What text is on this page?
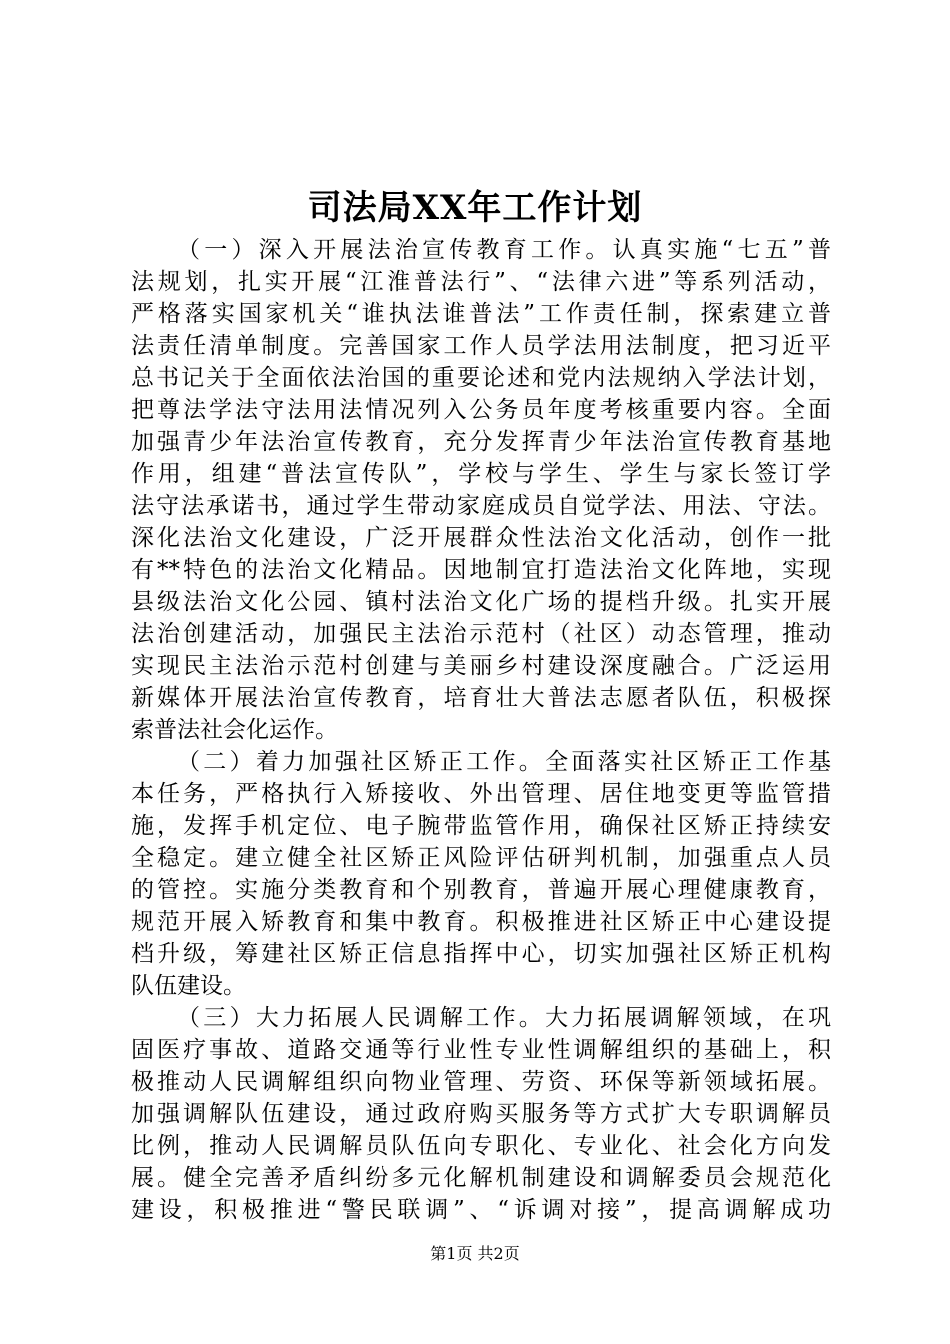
司法局XX年工作计划

（一）深入开展法治宣传教育工作。认真实施“七五”普

法规划，扎实开展“江淮普法行”、“法律六进”等系列活动，

严格落实国家机关“谁执法谁普法”工作责任制，探索建立普

法责任清单制度。完善国家工作人员学法用法制度，把习近平

总书记关于全面依法治国的重要论述和党内法规纳入学法计划，

把尊法学法守法用法情况列入公务员年度考核重要内容。全面

加强青少年法治宣传教育，充分发挥青少年法治宣传教育基地

作用，组建“普法宣传队”，学校与学生、学生与家长签订学

法守法承诺书，通过学生带动家庭成员自觉学法、用法、守法。

深化法治文化建设，广泛开展群众性法治文化活动，创作一批

有**特色的法治文化精品。因地制宜打造法治文化阵地，实现

县级法治文化公园、镇村法治文化广场的提档升级。扎实开展

法治创建活动，加强民主法治示范村（社区）动态管理，推动

实现民主法治示范村创建与美丽乡村建设深度融合。广泛运用

新媒体开展法治宣传教育，培育壮大普法志愿者队伍，积极探

索普法社会化运作。

（二）着力加强社区矫正工作。全面落实社区矫正工作基

本任务，严格执行入矫接收、外出管理、居住地变更等监管措

施，发挥手机定位、电子腕带监管作用，确保社区矫正持续安

全稳定。建立健全社区矫正风险评估研判机制，加强重点人员

的管控。实施分类教育和个别教育，普遍开展心理健康教育，

规范开展入矫教育和集中教育。积极推进社区矫正中心建设提

档升级，筹建社区矫正信息指挥中心，切实加强社区矫正机构

队伍建设。

（三）大力拓展人民调解工作。大力拓展调解领域，在巩

固医疗事故、道路交通等行业性专业性调解组织的基础上，积

极推动人民调解组织向物业管理、劳资、环保等新领域拓展。

加强调解队伍建设，通过政府购买服务等方式扩大专职调解员

比例，推动人民调解员队伍向专职化、专业化、社会化方向发

展。健全完善矛盾纠纷多元化解机制建设和调解委员会规范化

建设，积极推进“警民联调”、“诉调对接”，提高调解成功

第1页 共2页
